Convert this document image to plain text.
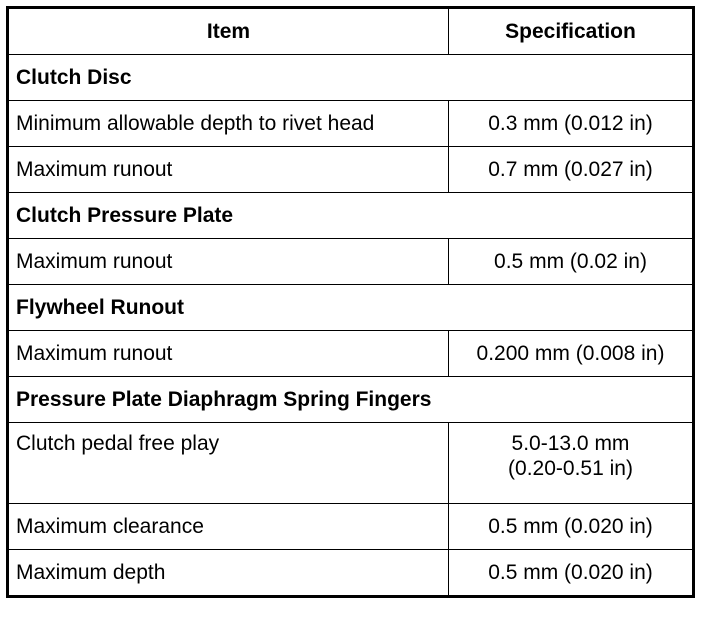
Item	Specification
Clutch Disc	
Minimum allowable depth to rivet head	0.3 mm (0.012 in)
Maximum runout	0.7 mm (0.027 in)
Clutch Pressure Plate	
Maximum runout	0.5 mm (0.02 in)
Flywheel Runout	
Maximum runout	0.200 mm (0.008 in)
Pressure Plate Diaphragm Spring Fingers	
Clutch pedal free play	5.0-13.0 mm
(0.20-0.51 in)

Maximum clearance	0.5 mm (0.020 in)
Maximum depth	0.5 mm (0.020 in)
